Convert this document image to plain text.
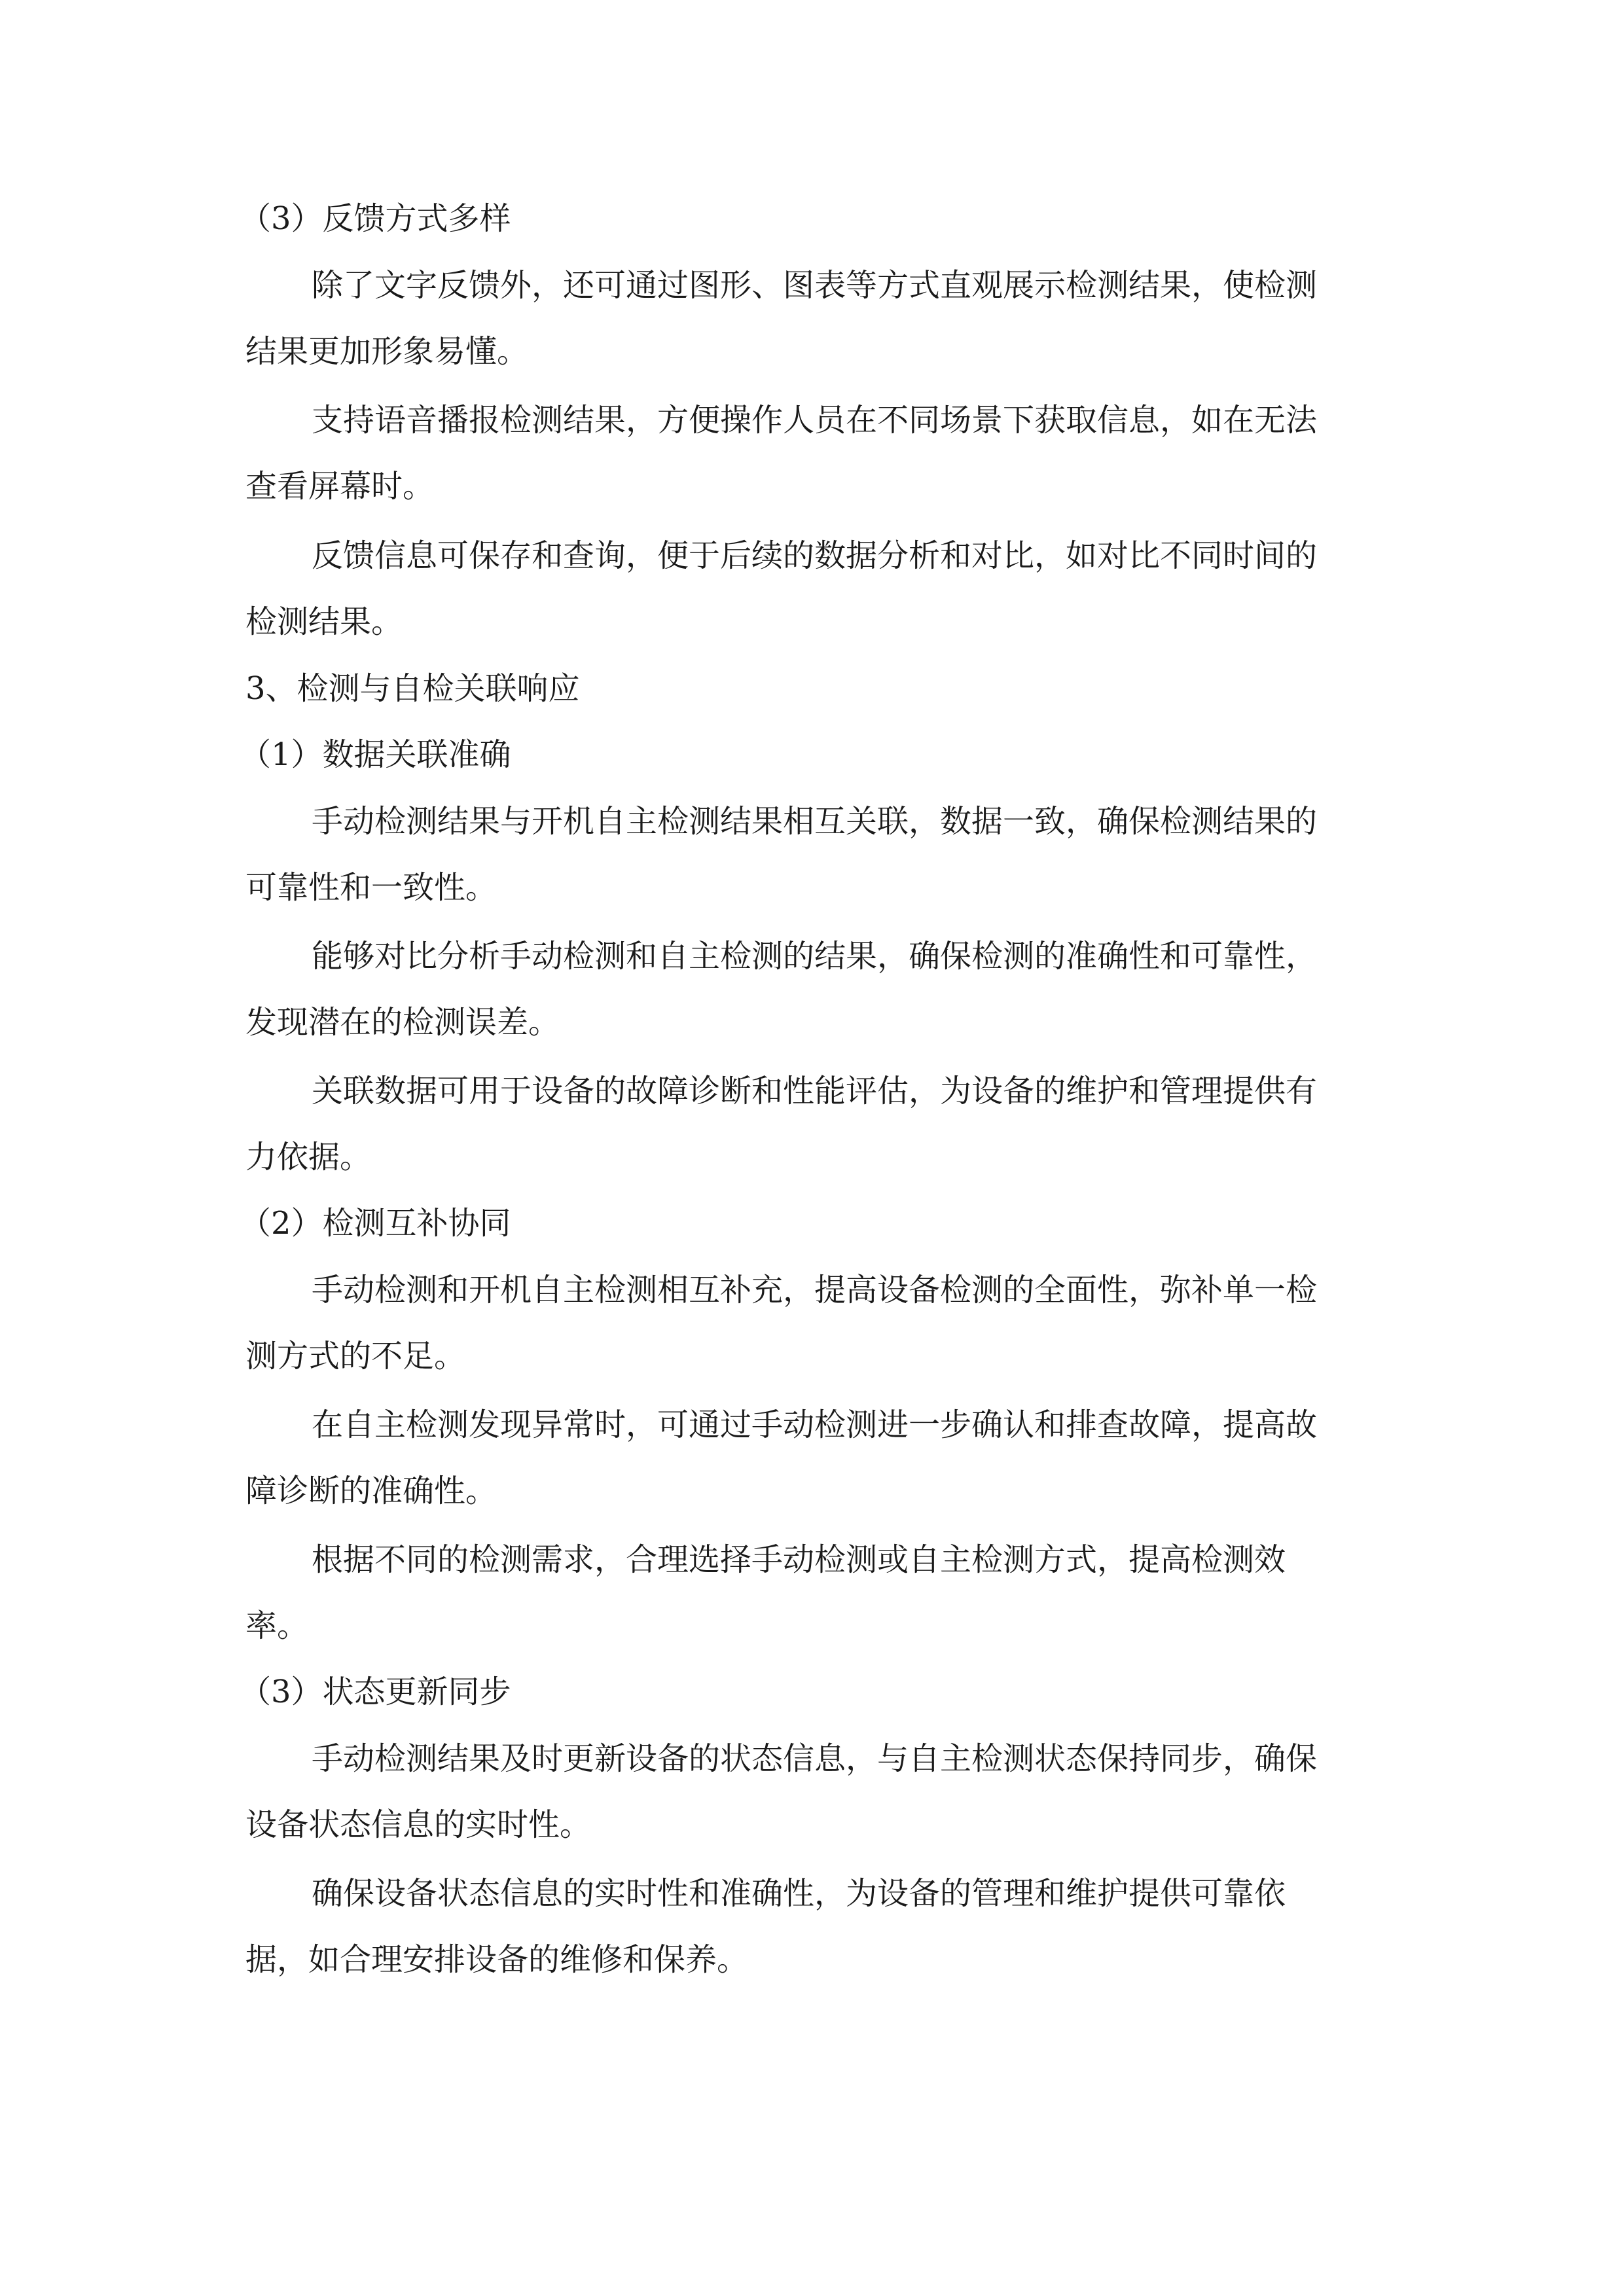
（3）反馈方式多样

除了文字反馈外，还可通过图形、图表等方式直观展示检测结果，使检测
结果更加形象易懂。
支持语音播报检测结果，方便操作人员在不同场景下获取信息，如在无法
查看屏幕时。
反馈信息可保存和查询，便于后续的数据分析和对比，如对比不同时间的
检测结果。

3、检测与自检关联响应

（1）数据关联准确

手动检测结果与开机自主检测结果相互关联，数据一致，确保检测结果的
可靠性和一致性。
能够对比分析手动检测和自主检测的结果，确保检测的准确性和可靠性，
发现潜在的检测误差。
关联数据可用于设备的故障诊断和性能评估，为设备的维护和管理提供有
力依据。

（2）检测互补协同

手动检测和开机自主检测相互补充，提高设备检测的全面性，弥补单一检
测方式的不足。
在自主检测发现异常时，可通过手动检测进一步确认和排查故障，提高故
障诊断的准确性。
根据不同的检测需求，合理选择手动检测或自主检测方式，提高检测效
率。

（3）状态更新同步

手动检测结果及时更新设备的状态信息，与自主检测状态保持同步，确保
设备状态信息的实时性。
确保设备状态信息的实时性和准确性，为设备的管理和维护提供可靠依
据，如合理安排设备的维修和保养。
